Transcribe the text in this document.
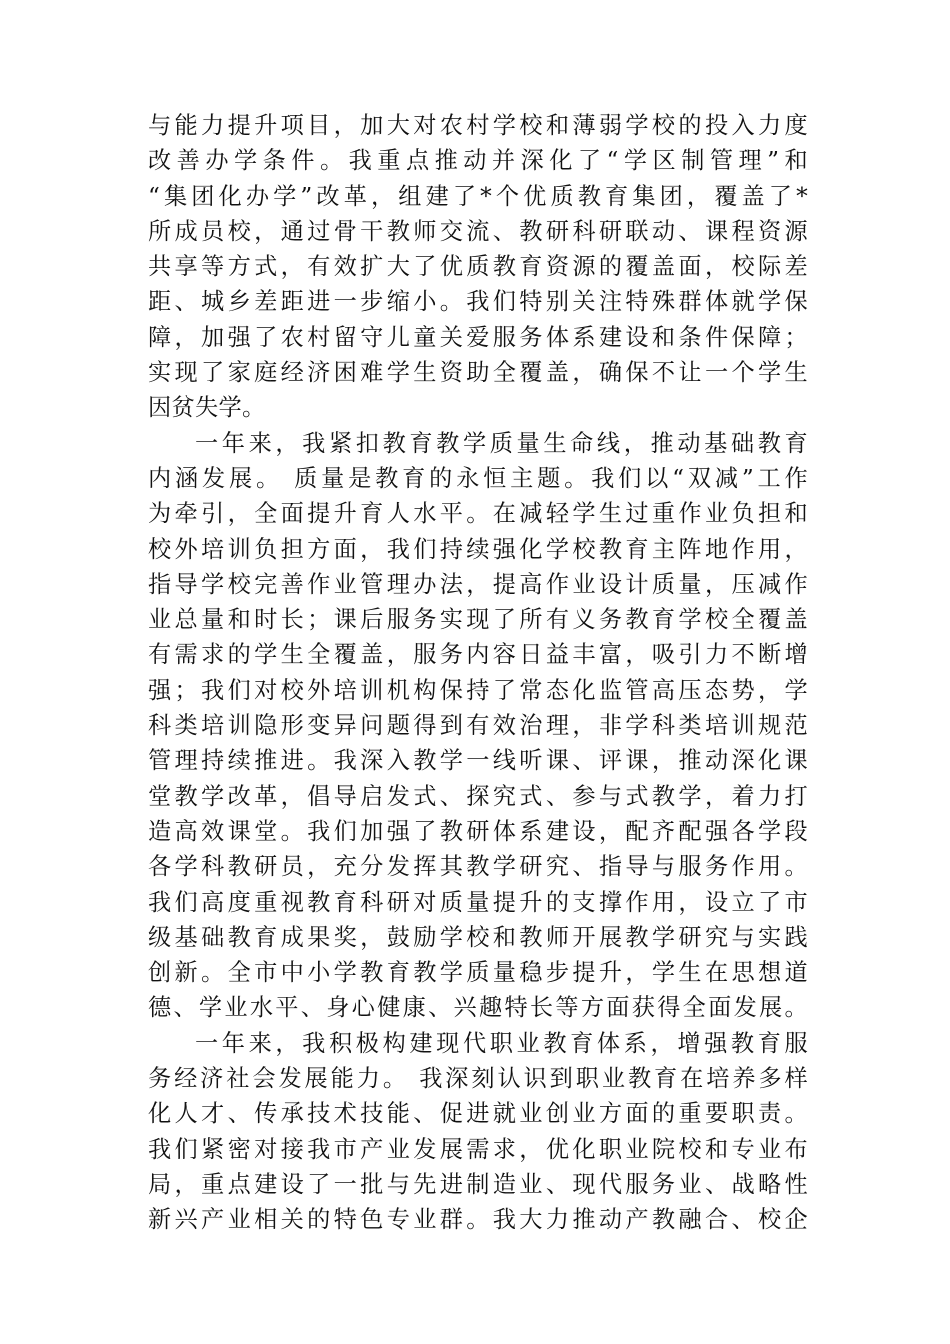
与能力提升项目，加大对农村学校和薄弱学校的投入力度
改善办学条件。我重点推动并深化了“学区制管理”和
“集团化办学”改革，组建了*个优质教育集团，覆盖了*
所成员校，通过骨干教师交流、教研科研联动、课程资源
共享等方式，有效扩大了优质教育资源的覆盖面，校际差
距、城乡差距进一步缩小。我们特别关注特殊群体就学保
障，加强了农村留守儿童关爱服务体系建设和条件保障；
实现了家庭经济困难学生资助全覆盖，确保不让一个学生
因贫失学。
一年来，我紧扣教育教学质量生命线，推动基础教育
内涵发展。 质量是教育的永恒主题。我们以“双减”工作
为牵引，全面提升育人水平。在减轻学生过重作业负担和
校外培训负担方面，我们持续强化学校教育主阵地作用，
指导学校完善作业管理办法，提高作业设计质量，压减作
业总量和时长；课后服务实现了所有义务教育学校全覆盖
有需求的学生全覆盖，服务内容日益丰富，吸引力不断增
强；我们对校外培训机构保持了常态化监管高压态势，学
科类培训隐形变异问题得到有效治理，非学科类培训规范
管理持续推进。我深入教学一线听课、评课，推动深化课
堂教学改革，倡导启发式、探究式、参与式教学，着力打
造高效课堂。我们加强了教研体系建设，配齐配强各学段
各学科教研员，充分发挥其教学研究、指导与服务作用。
我们高度重视教育科研对质量提升的支撑作用，设立了市
级基础教育成果奖，鼓励学校和教师开展教学研究与实践
创新。全市中小学教育教学质量稳步提升，学生在思想道
德、学业水平、身心健康、兴趣特长等方面获得全面发展。
一年来，我积极构建现代职业教育体系，增强教育服
务经济社会发展能力。 我深刻认识到职业教育在培养多样
化人才、传承技术技能、促进就业创业方面的重要职责。
我们紧密对接我市产业发展需求，优化职业院校和专业布
局，重点建设了一批与先进制造业、现代服务业、战略性
新兴产业相关的特色专业群。我大力推动产教融合、校企
